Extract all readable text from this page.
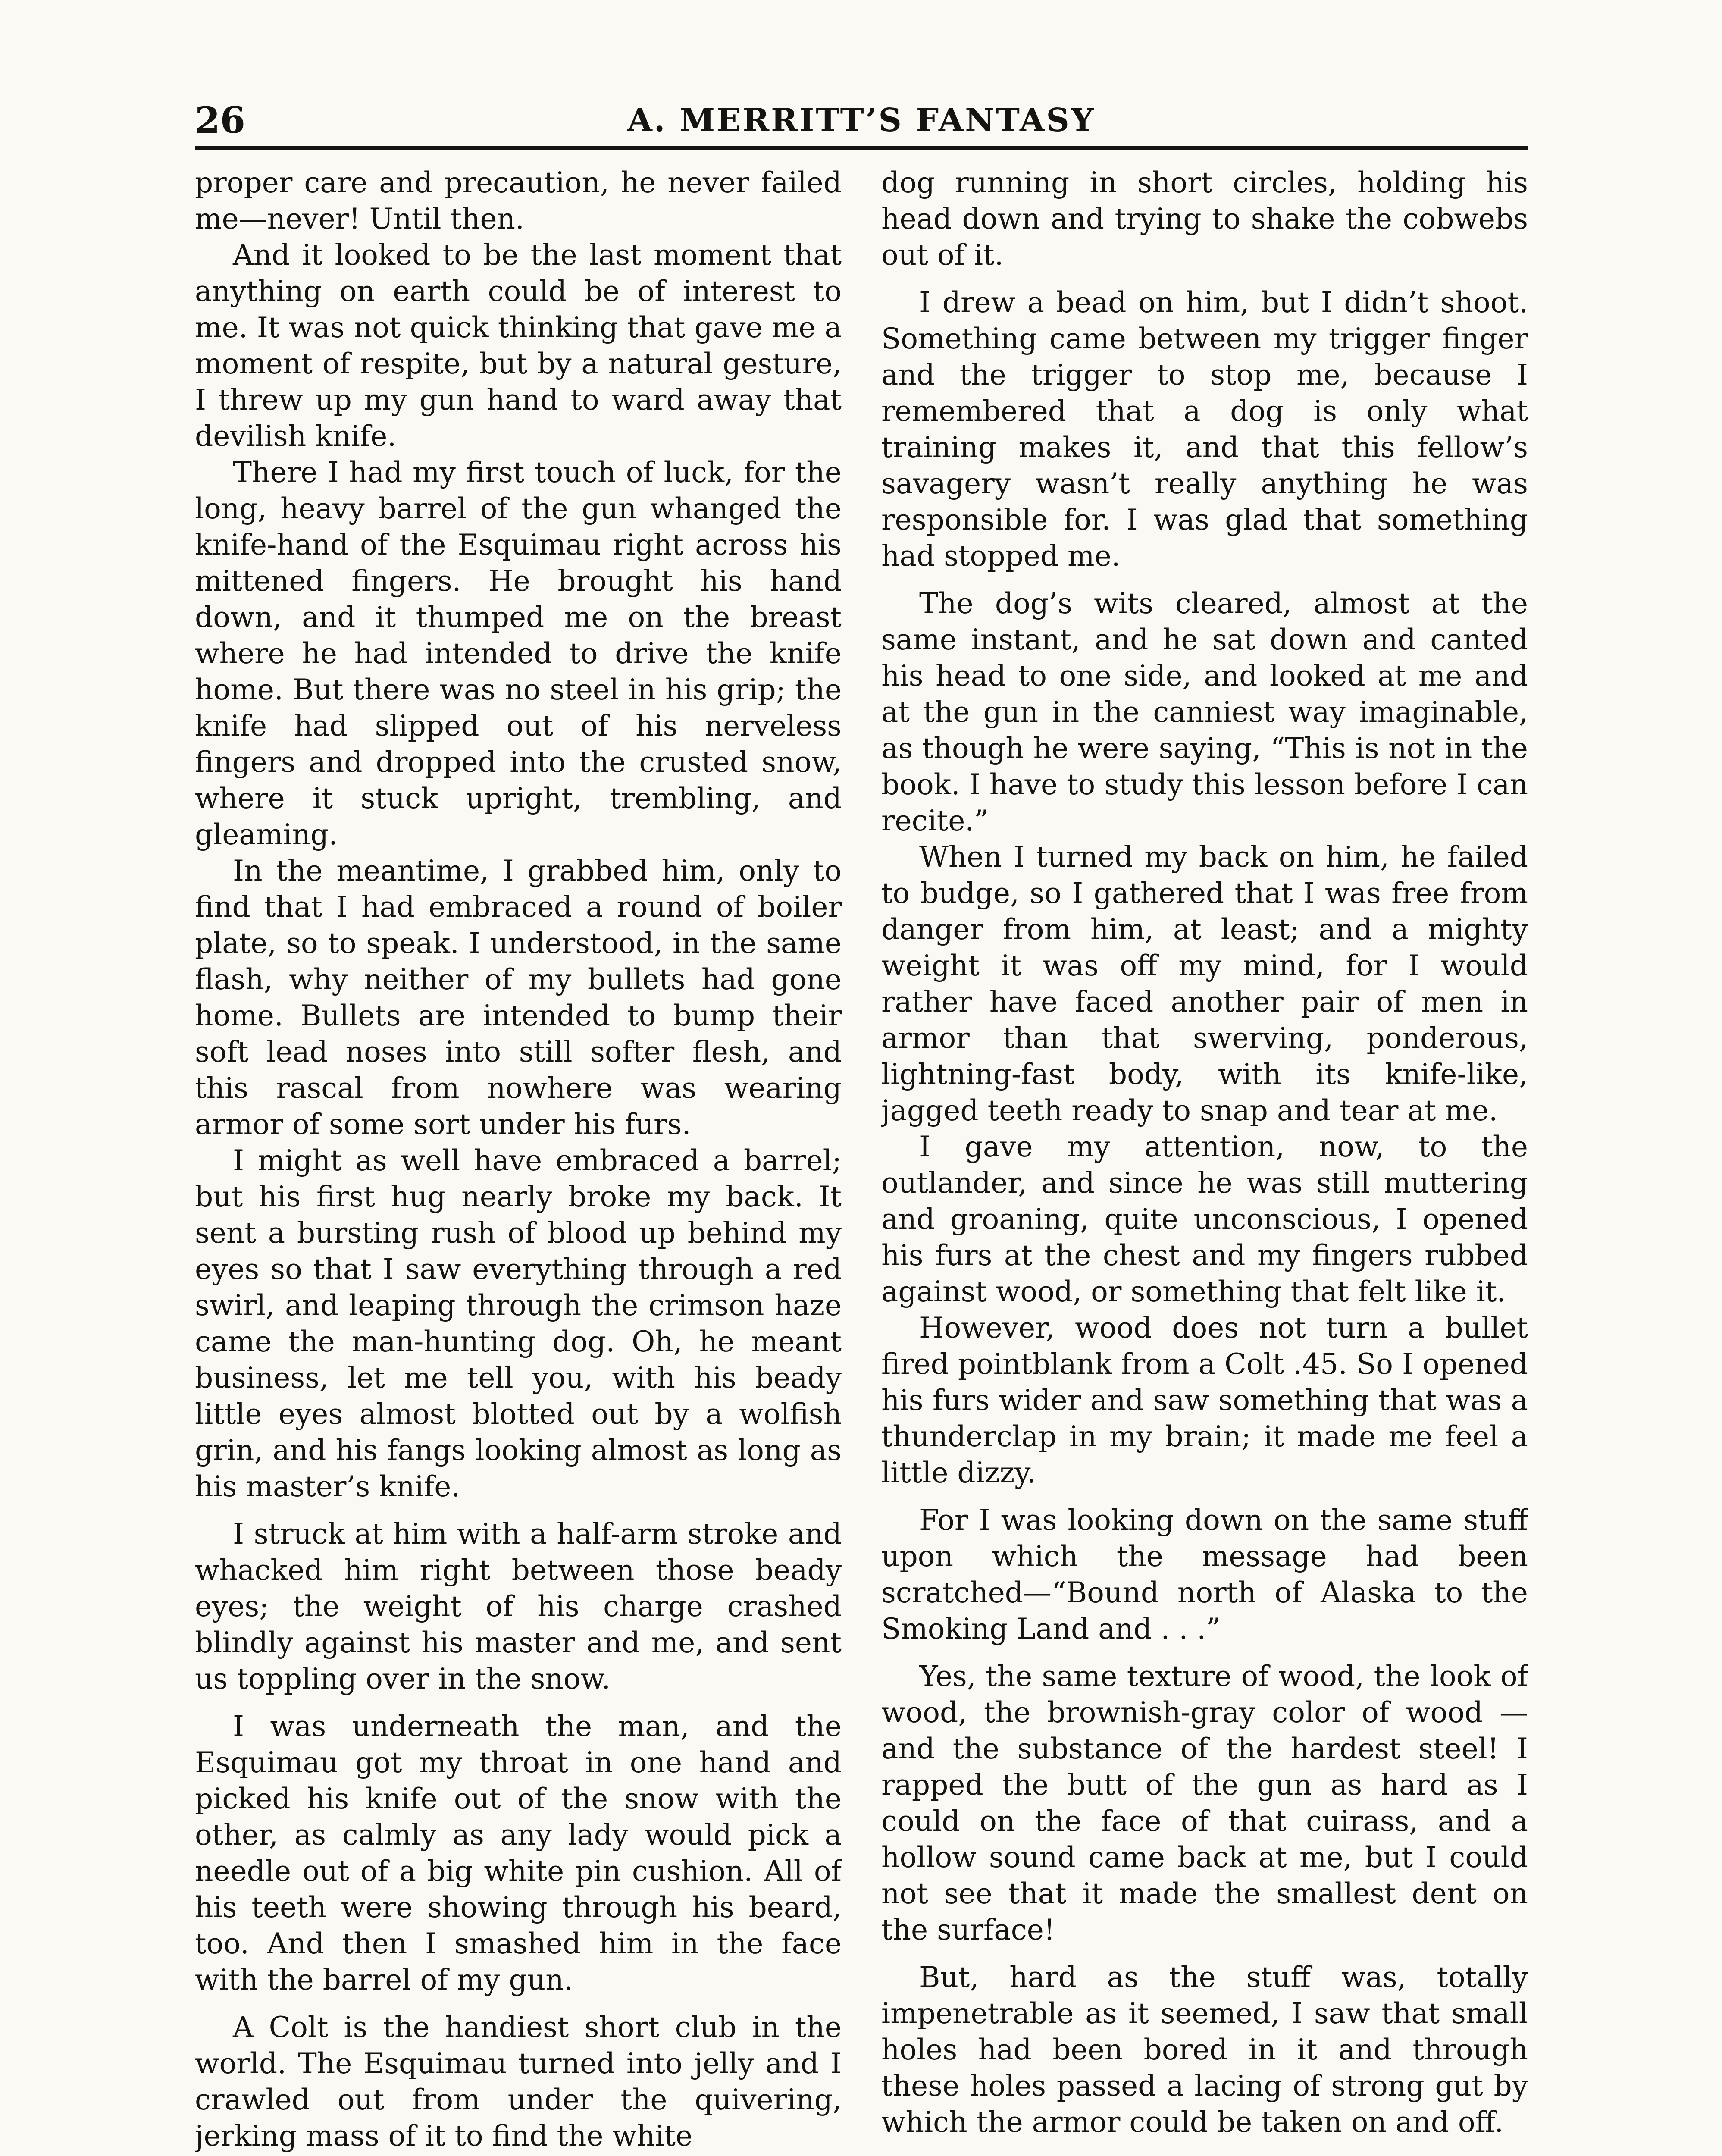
26	A. MERRITT’S FANTASY

proper care and precaution, he never failed me—never! Until then.

And it looked to be the last moment that anything on earth could be of interest to me. It was not quick thinking that gave me a moment of respite, but by a natural gesture, I threw up my gun hand to ward away that devilish knife.

There I had my first touch of luck, for the long, heavy barrel of the gun whanged the knife-hand of the Esquimau right across his mittened fingers. He brought his hand down, and it thumped me on the breast where he had intended to drive the knife home. But there was no steel in his grip; the knife had slipped out of his nerveless fingers and dropped into the crusted snow, where it stuck upright, trembling, and gleaming.

In the meantime, I grabbed him, only to find that I had embraced a round of boiler plate, so to speak. I understood, in the same flash, why neither of my bullets had gone home. Bullets are intended to bump their soft lead noses into still softer flesh, and this rascal from nowhere was wearing armor of some sort under his furs.

I might as well have embraced a barrel; but his first hug nearly broke my back. It sent a bursting rush of blood up behind my eyes so that I saw everything through a red swirl, and leaping through the crimson haze came the man-hunting dog. Oh, he meant business, let me tell you, with his beady little eyes almost blotted out by a wolfish grin, and his fangs looking almost as long as his master’s knife.

I struck at him with a half-arm stroke and whacked him right between those beady eyes; the weight of his charge crashed blindly against his master and me, and sent us toppling over in the snow.

I was underneath the man, and the Esquimau got my throat in one hand and picked his knife out of the snow with the other, as calmly as any lady would pick a needle out of a big white pin cushion. All of his teeth were showing through his beard, too. And then I smashed him in the face with the barrel of my gun.

A Colt is the handiest short club in the world. The Esquimau turned into jelly and I crawled out from under the quivering, jerking mass of it to find the white

dog running in short circles, holding his head down and trying to shake the cobwebs out of it.

I drew a bead on him, but I didn’t shoot. Something came between my trigger finger and the trigger to stop me, because I remembered that a dog is only what training makes it, and that this fellow’s savagery wasn’t really anything he was responsible for. I was glad that something had stopped me.

The dog’s wits cleared, almost at the same instant, and he sat down and canted his head to one side, and looked at me and at the gun in the canniest way imaginable, as though he were saying, “This is not in the book. I have to study this lesson before I can recite.”

When I turned my back on him, he failed to budge, so I gathered that I was free from danger from him, at least; and a mighty weight it was off my mind, for I would rather have faced another pair of men in armor than that swerving, ponderous, lightning-fast body, with its knife-like, jagged teeth ready to snap and tear at me.

I gave my attention, now, to the outlander, and since he was still muttering and groaning, quite unconscious, I opened his furs at the chest and my fingers rubbed against wood, or something that felt like it.

However, wood does not turn a bullet fired pointblank from a Colt .45. So I opened his furs wider and saw something that was a thunderclap in my brain; it made me feel a little dizzy.

For I was looking down on the same stuff upon which the message had been scratched—“Bound north of Alaska to the Smoking Land and . . .”

Yes, the same texture of wood, the look of wood, the brownish-gray color of wood —and the substance of the hardest steel! I rapped the butt of the gun as hard as I could on the face of that cuirass, and a hollow sound came back at me, but I could not see that it made the smallest dent on the surface!

But, hard as the stuff was, totally impenetrable as it seemed, I saw that small holes had been bored in it and through these holes passed a lacing of strong gut by which the armor could be taken on and off.
